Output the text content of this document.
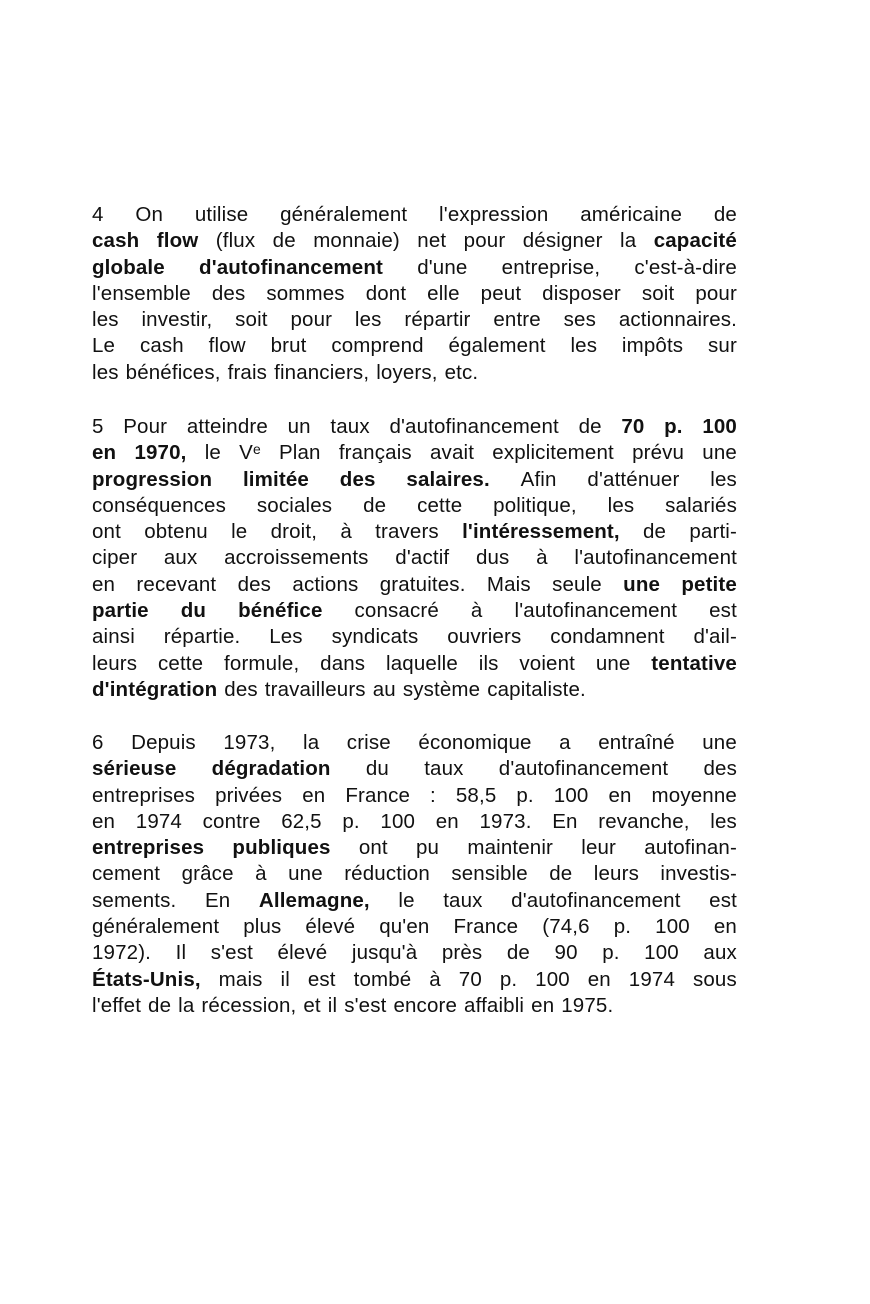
4 On utilise généralement l'expression américaine de
cash flow (flux de monnaie) net pour désigner la capacité
globale d'autofinancement d'une entreprise, c'est-à-dire
l'ensemble des sommes dont elle peut disposer soit pour
les investir, soit pour les répartir entre ses actionnaires.
Le cash flow brut comprend également les impôts sur
les bénéfices, frais financiers, loyers, etc.
5 Pour atteindre un taux d'autofinancement de 70 p. 100
en 1970, le Vᵉ Plan français avait explicitement prévu une
progression limitée des salaires. Afin d'atténuer les
conséquences sociales de cette politique, les salariés
ont obtenu le droit, à travers l'intéressement, de parti-
ciper aux accroissements d'actif dus à l'autofinancement
en recevant des actions gratuites. Mais seule une petite
partie du bénéfice consacré à l'autofinancement est
ainsi répartie. Les syndicats ouvriers condamnent d'ail-
leurs cette formule, dans laquelle ils voient une tentative
d'intégration des travailleurs au système capitaliste.
6 Depuis 1973, la crise économique a entraîné une
sérieuse dégradation du taux d'autofinancement des
entreprises privées en France : 58,5 p. 100 en moyenne
en 1974 contre 62,5 p. 100 en 1973. En revanche, les
entreprises publiques ont pu maintenir leur autofinan-
cement grâce à une réduction sensible de leurs investis-
sements. En Allemagne, le taux d'autofinancement est
généralement plus élevé qu'en France (74,6 p. 100 en
1972). Il s'est élevé jusqu'à près de 90 p. 100 aux
États-Unis, mais il est tombé à 70 p. 100 en 1974 sous
l'effet de la récession, et il s'est encore affaibli en 1975.
